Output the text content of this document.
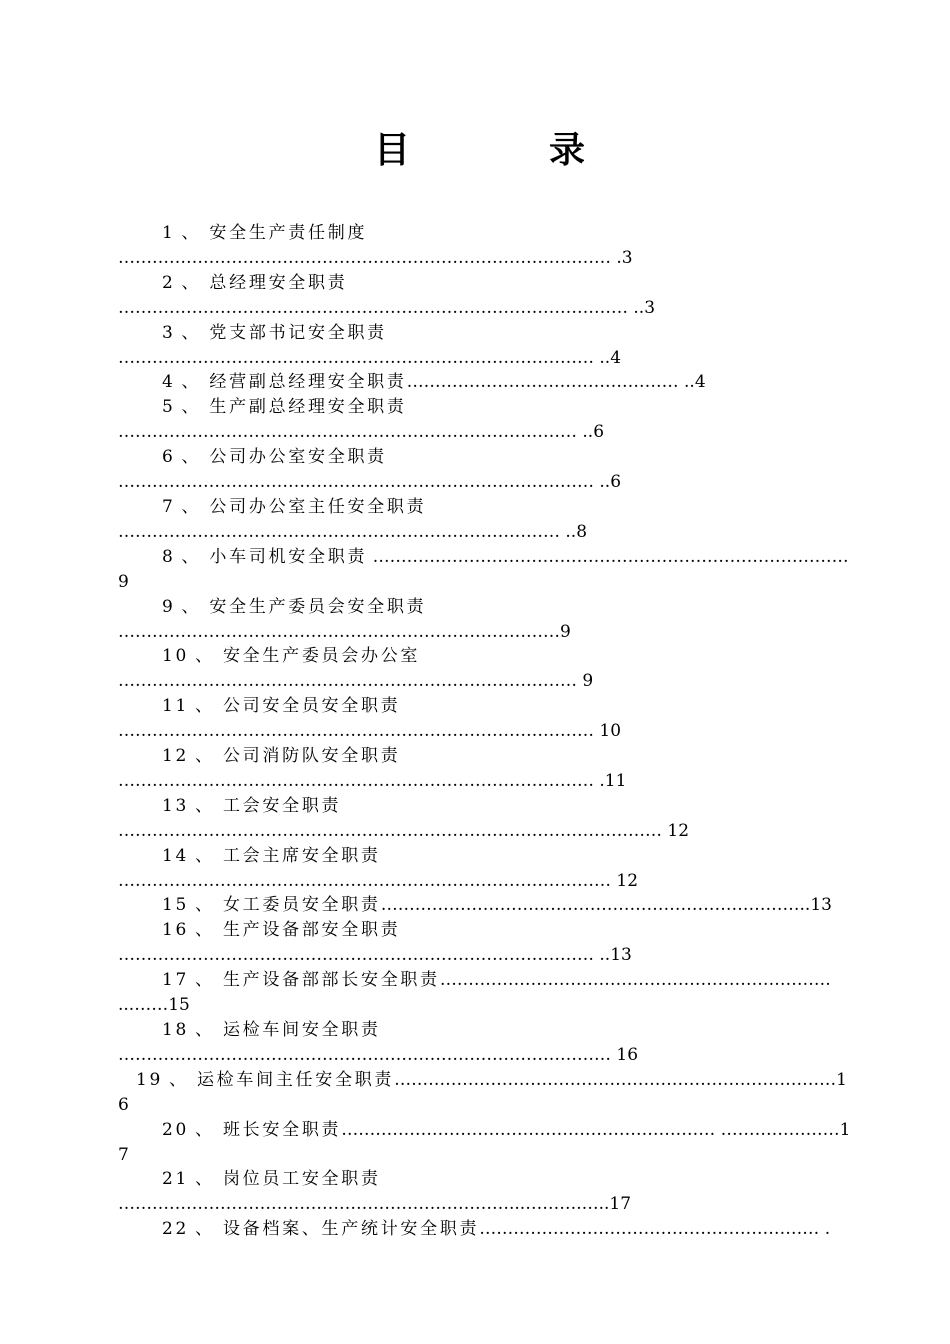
目	录
1 、 安全生产责任制度…………………………………………………………………………… .3
2 、 总经理安全职责……………………………………………………………………………… ..3
3 、 党支部书记安全职责………………………………………………………………………… ..4
4 、 经营副总经理安全职责………………………………………… ..4
5 、 生产副总经理安全职责……………………………………………………………………… ..6
6 、 公司办公室安全职责………………………………………………………………………… ..6
7 、 公司办公室主任安全职责…………………………………………………………………… ..8
8 、 小车司机安全职责 …………………………………………………………………………9
9 、 安全生产委员会安全职责 ……………………………………………………………………9
10 、 安全生产委员会办公室……………………………………………………………………… 9
11 、 公司安全员安全职责………………………………………………………………………… 10
12 、 公司消防队安全职责………………………………………………………………………… .11
13 、 工会安全职责…………………………………………………………………………………… 12
14 、 工会主席安全职责…………………………………………………………………………… 12
15 、 女工委员安全职责………………………..………………………………………..13
16 、 生产设备部安全职责………………………………………………………………………… ..13
17 、 生产设备部部长安全职责…………………………………………………………… ...……15
18 、 运检车间安全职责…………………………………………………………………………… 16
19 、 运检车间主任安全职责……………………………………………………………………16
20 、 班长安全职责………………………………………………………… …………………17
21 、 岗位员工安全职责……………………………………………………………...……….…..17
22 、 设备档案、生产统计安全职责…………………………………………………… .
